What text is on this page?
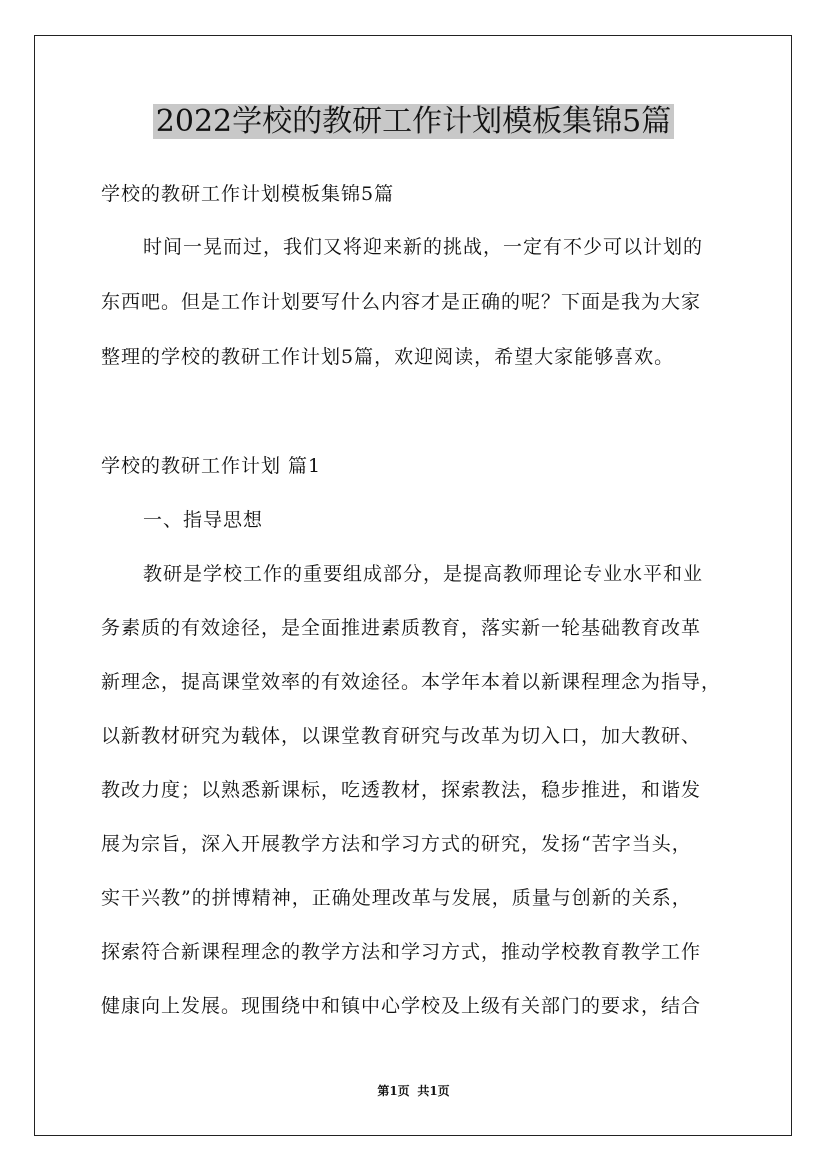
2022学校的教研工作计划模板集锦5篇

学校的教研工作计划模板集锦5篇

时间一晃而过，我们又将迎来新的挑战，一定有不少可以计划的

东西吧。但是工作计划要写什么内容才是正确的呢？下面是我为大家

整理的学校的教研工作计划5篇，欢迎阅读，希望大家能够喜欢。

学校的教研工作计划 篇1

一、指导思想

教研是学校工作的重要组成部分，是提高教师理论专业水平和业

务素质的有效途径，是全面推进素质教育，落实新一轮基础教育改革

新理念，提高课堂效率的有效途径。本学年本着以新课程理念为指导，

以新教材研究为载体，以课堂教育研究与改革为切入口，加大教研、

教改力度；以熟悉新课标，吃透教材，探索教法，稳步推进，和谐发

展为宗旨，深入开展教学方法和学习方式的研究，发扬“苦字当头，

实干兴教”的拼博精神，正确处理改革与发展，质量与创新的关系，

探索符合新课程理念的教学方法和学习方式，推动学校教育教学工作

健康向上发展。现围绕中和镇中心学校及上级有关部门的要求，结合

第1页 共1页
